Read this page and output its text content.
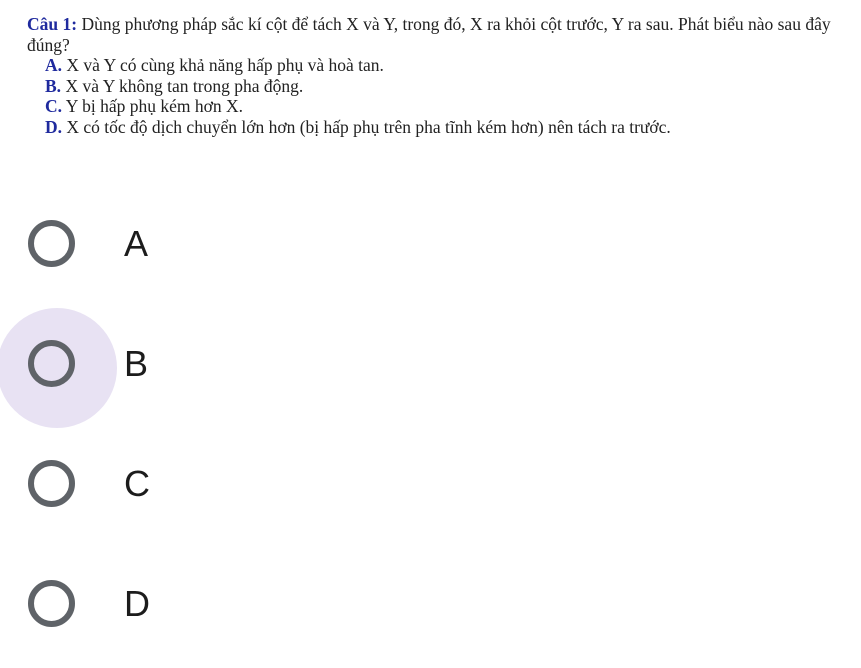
Câu 1: Dùng phương pháp sắc kí cột để tách X và Y, trong đó, X ra khỏi cột trước, Y ra sau. Phát biểu nào sau đây đúng?
A. X và Y có cùng khả năng hấp phụ và hoà tan.
B. X và Y không tan trong pha động.
C. Y bị hấp phụ kém hơn X.
D. X có tốc độ dịch chuyển lớn hơn (bị hấp phụ trên pha tĩnh kém hơn) nên tách ra trước.
A
B
C
D
